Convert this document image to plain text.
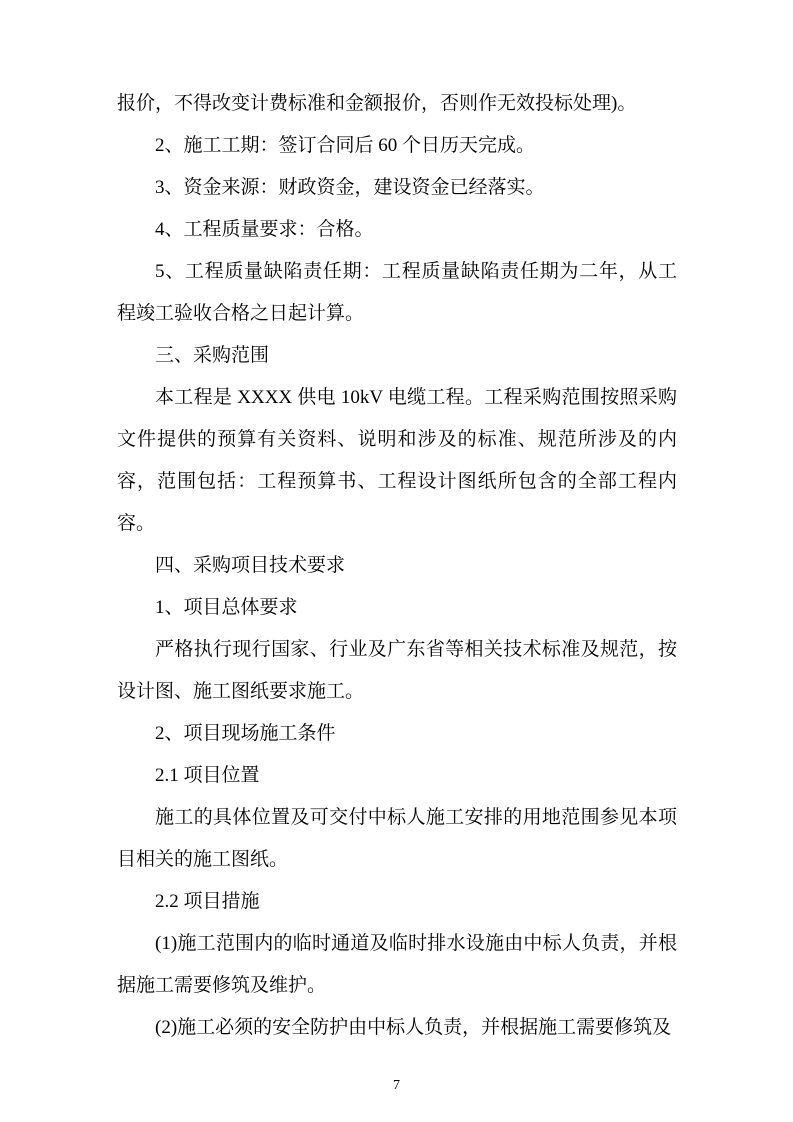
报价，不得改变计费标准和金额报价，否则作无效投标处理)。

2、施工工期：签订合同后 60 个日历天完成。

3、资金来源：财政资金，建设资金已经落实。

4、工程质量要求：合格。

5、工程质量缺陷责任期：工程质量缺陷责任期为二年，从工程竣工验收合格之日起计算。

三、采购范围

本工程是 XXXX 供电 10kV 电缆工程。工程采购范围按照采购文件提供的预算有关资料、说明和涉及的标准、规范所涉及的内容，范围包括：工程预算书、工程设计图纸所包含的全部工程内容。

四、采购项目技术要求

1、项目总体要求

严格执行现行国家、行业及广东省等相关技术标准及规范，按设计图、施工图纸要求施工。

2、项目现场施工条件

2.1 项目位置

施工的具体位置及可交付中标人施工安排的用地范围参见本项目相关的施工图纸。

2.2 项目措施

(1)施工范围内的临时通道及临时排水设施由中标人负责，并根据施工需要修筑及维护。

(2)施工必须的安全防护由中标人负责，并根据施工需要修筑及

7
